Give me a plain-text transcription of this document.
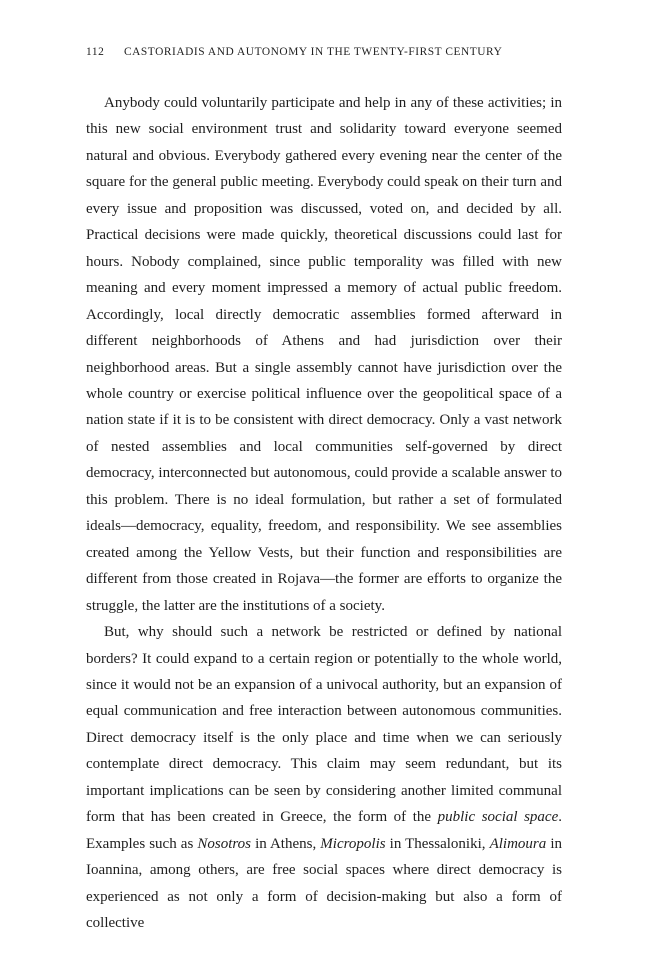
112 CASTORIADIS AND AUTONOMY IN THE TWENTY-FIRST CENTURY

Anybody could voluntarily participate and help in any of these activities; in this new social environment trust and solidarity toward everyone seemed natural and obvious. Everybody gathered every evening near the center of the square for the general public meeting. Everybody could speak on their turn and every issue and proposition was discussed, voted on, and decided by all. Practical decisions were made quickly, theoretical discussions could last for hours. Nobody complained, since public temporality was filled with new meaning and every moment impressed a memory of actual public freedom. Accordingly, local directly democratic assemblies formed afterward in different neighborhoods of Athens and had jurisdiction over their neighborhood areas. But a single assembly cannot have jurisdiction over the whole country or exercise political influence over the geopolitical space of a nation state if it is to be consistent with direct democracy. Only a vast network of nested assemblies and local communities self-governed by direct democracy, interconnected but autonomous, could provide a scalable answer to this problem. There is no ideal formulation, but rather a set of formulated ideals—democracy, equality, freedom, and responsibility. We see assemblies created among the Yellow Vests, but their function and responsibilities are different from those created in Rojava—the former are efforts to organize the struggle, the latter are the institutions of a society.

But, why should such a network be restricted or defined by national borders? It could expand to a certain region or potentially to the whole world, since it would not be an expansion of a univocal authority, but an expansion of equal communication and free interaction between autonomous communities. Direct democracy itself is the only place and time when we can seriously contemplate direct democracy. This claim may seem redundant, but its important implications can be seen by considering another limited communal form that has been created in Greece, the form of the public social space. Examples such as Nosotros in Athens, Micropolis in Thessaloniki, Alimoura in Ioannina, among others, are free social spaces where direct democracy is experienced as not only a form of decision-making but also a form of collective
